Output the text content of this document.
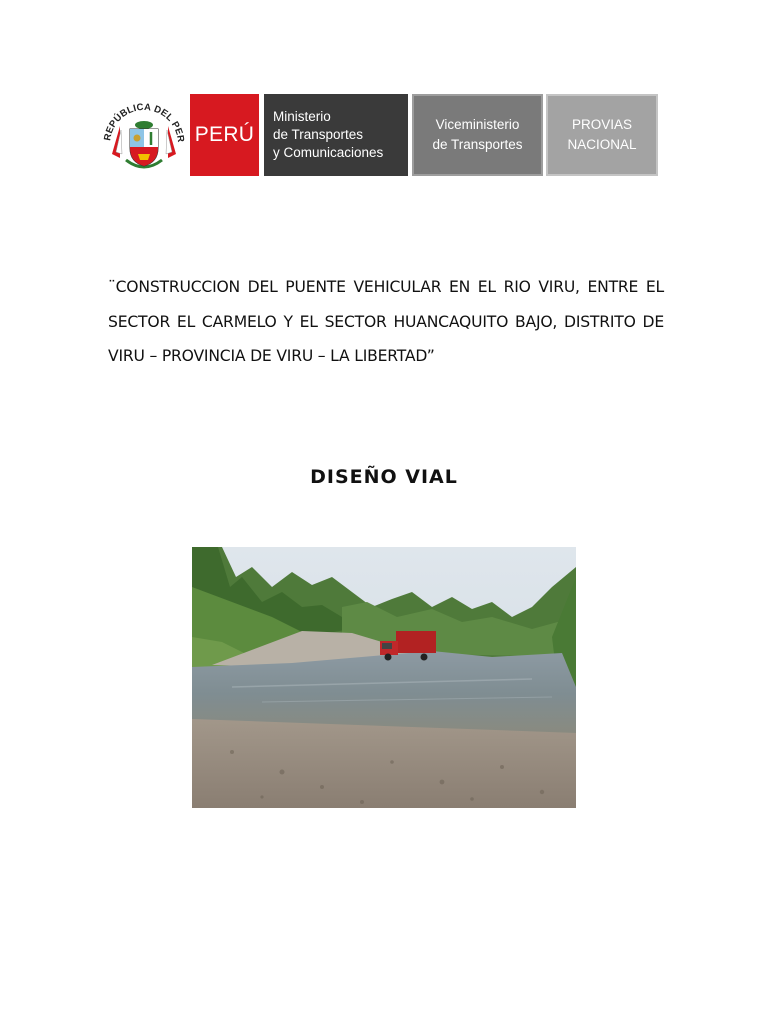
REPÚBLICA DEL PER PERÚ
Ministerio
de Transportes
y Comunicaciones
Viceministerio
de Transportes
PROVIAS
NACIONAL
¨CONSTRUCCION DEL PUENTE VEHICULAR EN EL RIO VIRU, ENTRE EL
SECTOR EL CARMELO Y EL SECTOR HUANCAQUITO BAJO, DISTRITO DE
VIRU – PROVINCIA DE VIRU – LA LIBERTAD”
DISEÑO VIAL
